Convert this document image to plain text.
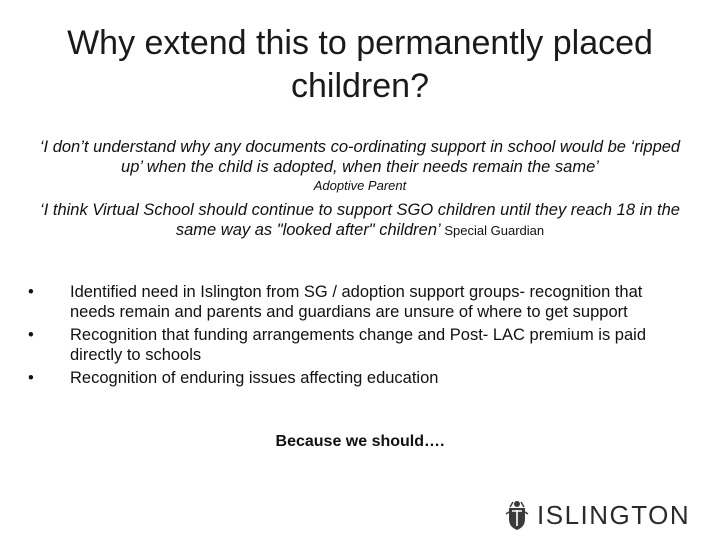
Why extend this to permanently placed children?
‘I don’t understand why any documents co-ordinating support in school would be ‘ripped up’ when the child is adopted, when their needs remain the same’
Adoptive Parent
‘I think Virtual School should continue to support SGO children until they reach 18 in the same way as "looked after" children’ Special Guardian
• Identified need in Islington from SG / adoption support groups- recognition that needs remain and parents and guardians are unsure of where to get support
• Recognition that funding arrangements change and Post- LAC premium is paid directly to schools
• Recognition of enduring issues affecting education
Because we should….
ISLINGTON
